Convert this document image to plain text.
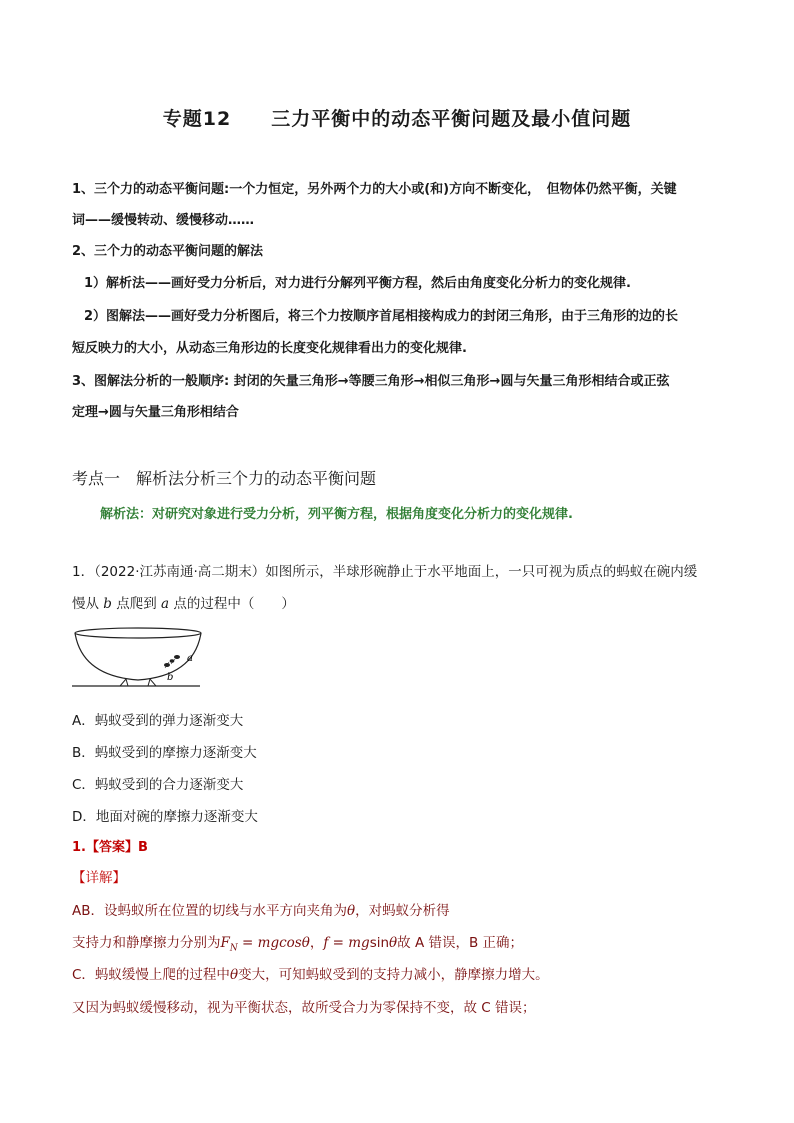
专题12　　三力平衡中的动态平衡问题及最小值问题
1、三个力的动态平衡问题:一个力恒定，另外两个力的大小或(和)方向不断变化，　但物体仍然平衡，关键
词——缓慢转动、缓慢移动……
2、三个力的动态平衡问题的解法
1）解析法——画好受力分析后，对力进行分解列平衡方程，然后由角度变化分析力的变化规律.
2）图解法——画好受力分析图后，将三个力按顺序首尾相接构成力的封闭三角形，由于三角形的边的长
短反映力的大小，从动态三角形边的长度变化规律看出力的变化规律.
3、图解法分析的一般顺序: 封闭的矢量三角形→等腰三角形→相似三角形→圆与矢量三角形相结合或正弦
定理→圆与矢量三角形相结合
考点一　解析法分析三个力的动态平衡问题
解析法：对研究对象进行受力分析，列平衡方程，根据角度变化分析力的变化规律.
1．（2022·江苏南通·高二期末）如图所示，半球形碗静止于水平地面上，一只可视为质点的蚂蚁在碗内缓
慢从 b 点爬到 a 点的过程中（　　）
a
b
A．蚂蚁受到的弹力逐渐变大
B．蚂蚁受到的摩擦力逐渐变大
C．蚂蚁受到的合力逐渐变大
D．地面对碗的摩擦力逐渐变大
1.【答案】B
【详解】
AB．设蚂蚁所在位置的切线与水平方向夹角为θ，对蚂蚁分析得
支持力和静摩擦力分别为$F_N = mgcos\theta$，f = mgsinθ故 A 错误，B 正确；
C．蚂蚁缓慢上爬的过程中θ变大，可知蚂蚁受到的支持力减小，静摩擦力增大。
又因为蚂蚁缓慢移动，视为平衡状态，故所受合力为零保持不变，故 C 错误；
